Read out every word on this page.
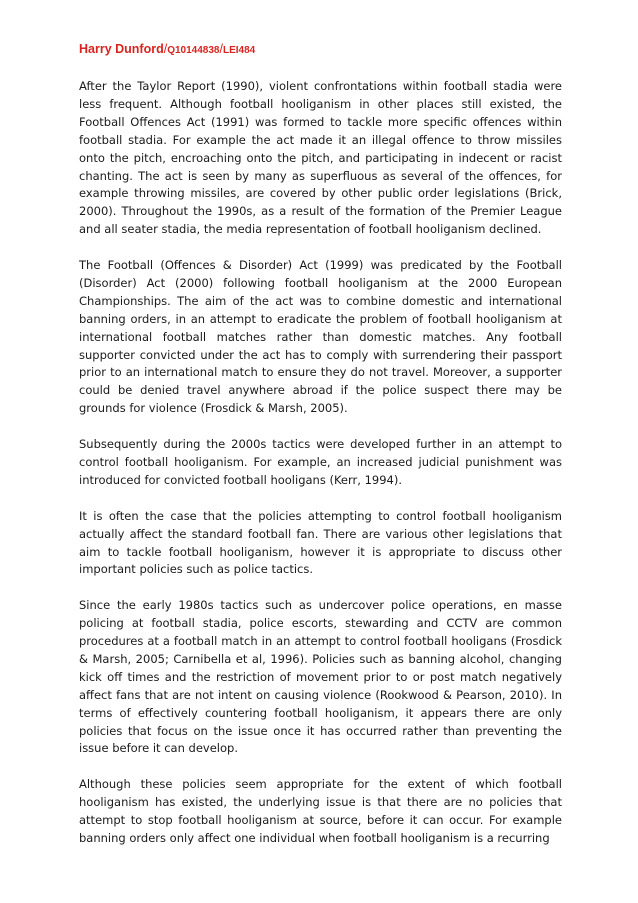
Harry Dunford/Q10144838/LEI484

After the Taylor Report (1990), violent confrontations within football stadia were less frequent. Although football hooliganism in other places still existed, the Football Offences Act (1991) was formed to tackle more specific offences within football stadia. For example the act made it an illegal offence to throw missiles onto the pitch, encroaching onto the pitch, and participating in indecent or racist chanting. The act is seen by many as superfluous as several of the offences, for example throwing missiles, are covered by other public order legislations (Brick, 2000). Throughout the 1990s, as a result of the formation of the Premier League and all seater stadia, the media representation of football hooliganism declined.

The Football (Offences & Disorder) Act (1999) was predicated by the Football (Disorder) Act (2000) following football hooliganism at the 2000 European Championships. The aim of the act was to combine domestic and international banning orders, in an attempt to eradicate the problem of football hooliganism at international football matches rather than domestic matches. Any football supporter convicted under the act has to comply with surrendering their passport prior to an international match to ensure they do not travel. Moreover, a supporter could be denied travel anywhere abroad if the police suspect there may be grounds for violence (Frosdick & Marsh, 2005).

Subsequently during the 2000s tactics were developed further in an attempt to control football hooliganism. For example, an increased judicial punishment was introduced for convicted football hooligans (Kerr, 1994).

It is often the case that the policies attempting to control football hooliganism actually affect the standard football fan. There are various other legislations that aim to tackle football hooliganism, however it is appropriate to discuss other important policies such as police tactics.

Since the early 1980s tactics such as undercover police operations, en masse policing at football stadia, police escorts, stewarding and CCTV are common procedures at a football match in an attempt to control football hooligans (Frosdick & Marsh, 2005; Carnibella et al, 1996). Policies such as banning alcohol, changing kick off times and the restriction of movement prior to or post match negatively affect fans that are not intent on causing violence (Rookwood & Pearson, 2010). In terms of effectively countering football hooliganism, it appears there are only policies that focus on the issue once it has occurred rather than preventing the issue before it can develop.

Although these policies seem appropriate for the extent of which football hooliganism has existed, the underlying issue is that there are no policies that attempt to stop football hooliganism at source, before it can occur. For example banning orders only affect one individual when football hooliganism is a recurring
